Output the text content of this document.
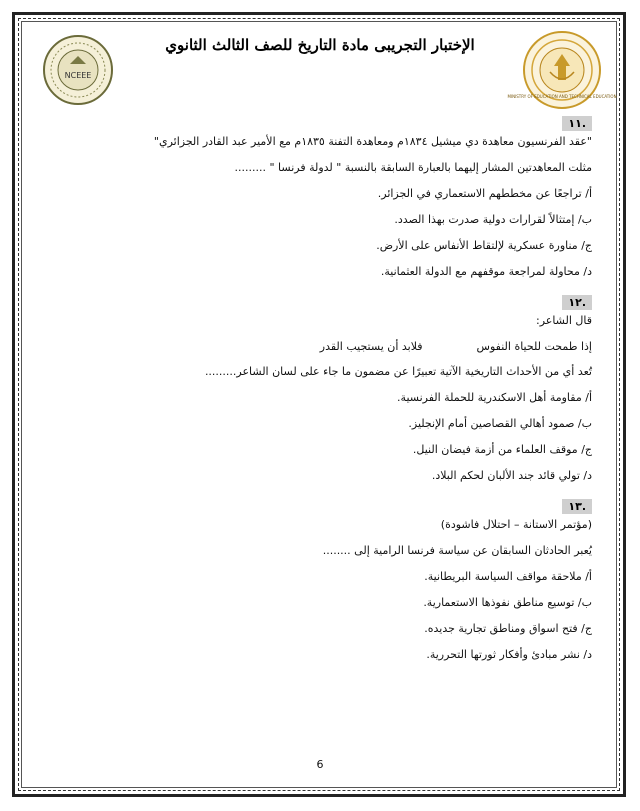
NCEEE
الإختبار التجريبى مادة التاريخ للصف الثالث الثانوي
MINISTRY OF EDUCATION AND TECHNICAL EDUCATION
.١١
"عقد الفرنسيون معاهدة دي ميشيل ١٨٣٤م ومعاهدة التفنة ١٨٣٥م مع الأمير عبد القادر الجزائري"
مثلت المعاهدتين المشار إليهما بالعبارة السابقة بالنسبة " لدولة فرنسا " .........
أ/ تراجعًا عن مخططهم الاستعماري في الجزائر.
ب/ إمتثالاً لقرارات دولية صدرت بهذا الصدد.
ج/ مناورة عسكرية لإلتقاط الأنفاس على الأرض.
د/ محاولة لمراجعة موقفهم مع الدولة العثمانية.
.١٢
قال الشاعر:
إذا طمحت للحياة النفوس
فلابد أن يستجيب القدر
تُعد أي من الأحداث التاريخية الآتية تعبيرًا عن مضمون ما جاء على لسان الشاعر.........
أ/ مقاومة أهل الاسكندرية للحملة الفرنسية.
ب/ صمود أهالي القصاصين أمام الإنجليز.
ج/ موقف العلماء من أزمة فيضان النيل.
د/ تولي قائد جند الألبان لحكم البلاد.
.١٣
(مؤتمر الاستانة – احتلال فاشودة)
يُعبر الحادثان السابقان عن سياسة فرنسا الرامية إلى ........
أ/ ملاحقة مواقف السياسة البريطانية.
ب/ توسيع مناطق نفوذها الاستعمارية.
ج/ فتح اسواق ومناطق تجارية جديده.
د/ نشر مبادئ وأفكار ثورتها التحررية.
6
